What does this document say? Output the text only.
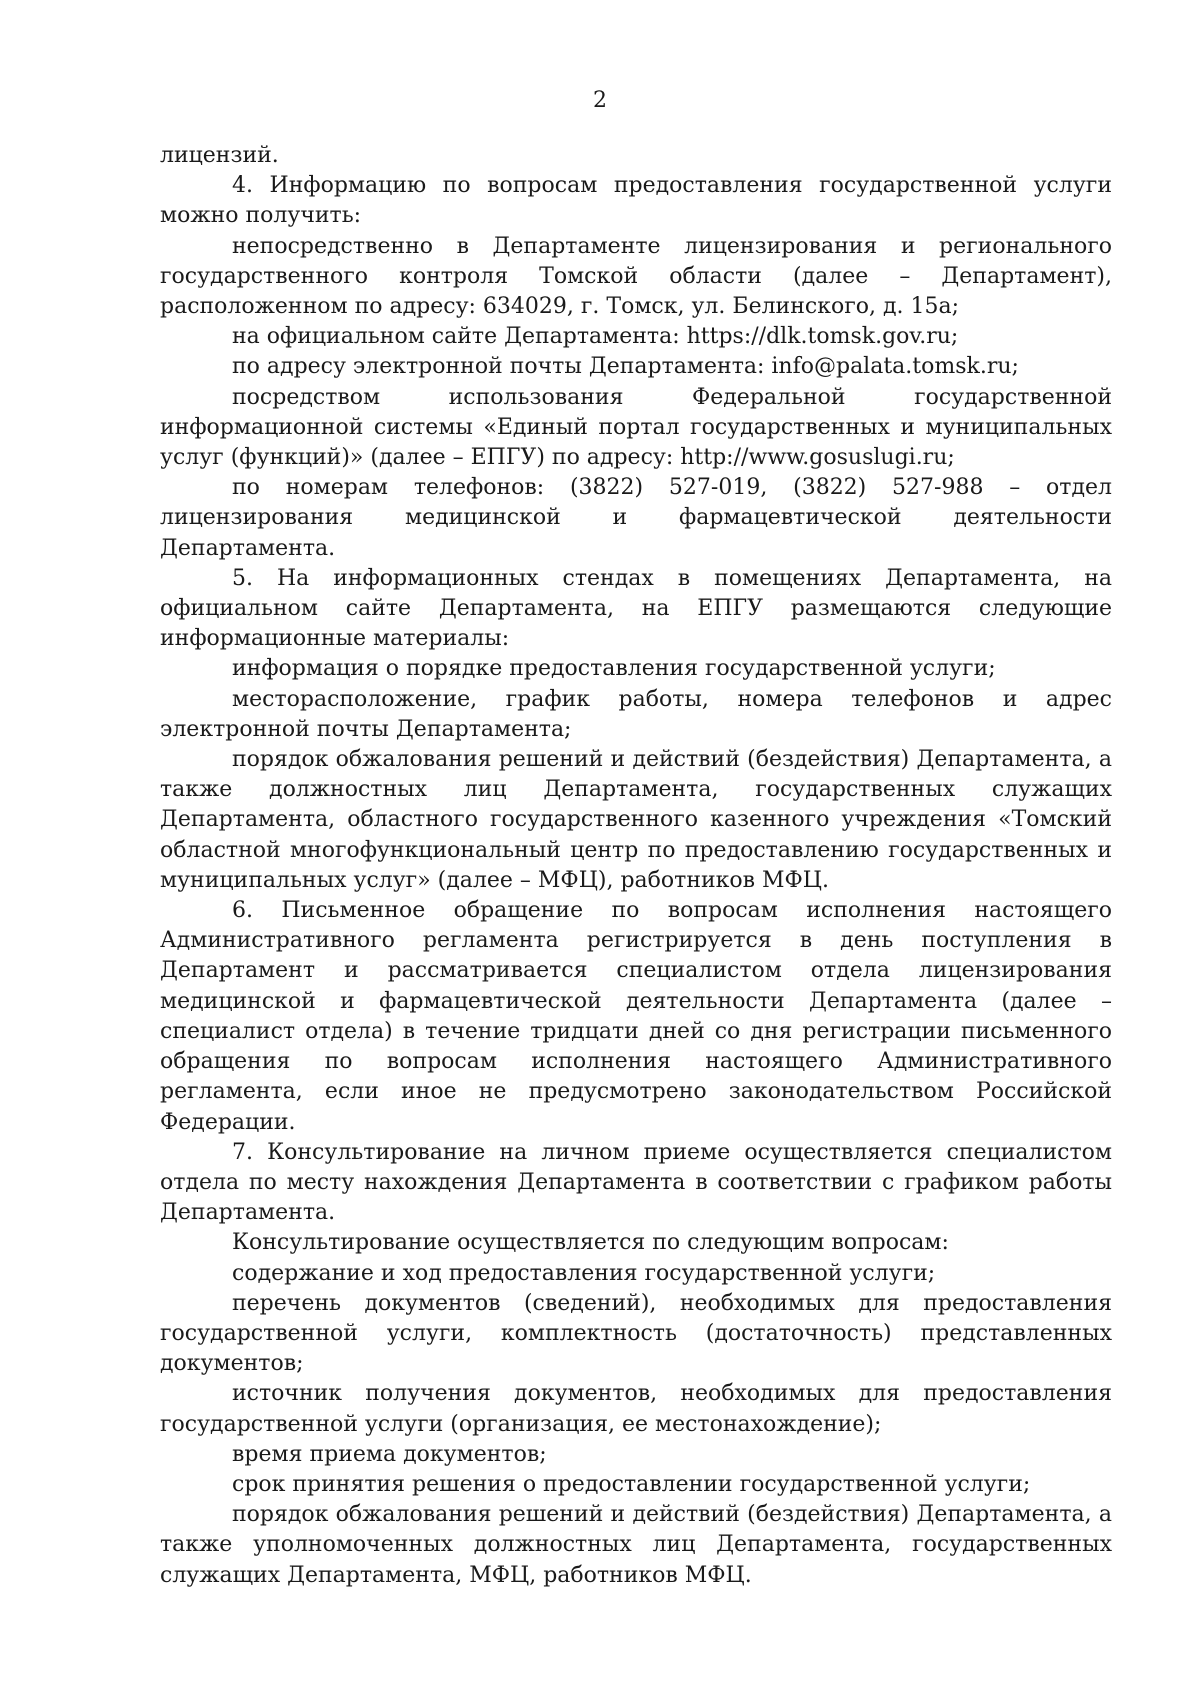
2

лицензий.

4. Информацию по вопросам предоставления государственной услуги можно получить:

непосредственно в Департаменте лицензирования и регионального государственного контроля Томской области (далее – Департамент), расположенном по адресу: 634029, г. Томск, ул. Белинского, д. 15а;

на официальном сайте Департамента: https://dlk.tomsk.gov.ru;

по адресу электронной почты Департамента: info@palata.tomsk.ru;

посредством использования Федеральной государственной информационной системы «Единый портал государственных и муниципальных услуг (функций)» (далее – ЕПГУ) по адресу: http://www.gosuslugi.ru;

по номерам телефонов: (3822) 527-019, (3822) 527-988 – отдел лицензирования медицинской и фармацевтической деятельности Департамента.

5. На информационных стендах в помещениях Департамента, на официальном сайте Департамента, на ЕПГУ размещаются следующие информационные материалы:

информация о порядке предоставления государственной услуги;

месторасположение, график работы, номера телефонов и адрес электронной почты Департамента;

порядок обжалования решений и действий (бездействия) Департамента, а также должностных лиц Департамента, государственных служащих Департамента, областного государственного казенного учреждения «Томский областной многофункциональный центр по предоставлению государственных и муниципальных услуг» (далее – МФЦ), работников МФЦ.

6. Письменное обращение по вопросам исполнения настоящего Административного регламента регистрируется в день поступления в Департамент и рассматривается специалистом отдела лицензирования медицинской и фармацевтической деятельности Департамента (далее – специалист отдела) в течение тридцати дней со дня регистрации письменного обращения по вопросам исполнения настоящего Административного регламента, если иное не предусмотрено законодательством Российской Федерации.

7. Консультирование на личном приеме осуществляется специалистом отдела по месту нахождения Департамента в соответствии с графиком работы Департамента.

Консультирование осуществляется по следующим вопросам:

содержание и ход предоставления государственной услуги;

перечень документов (сведений), необходимых для предоставления государственной услуги, комплектность (достаточность) представленных документов;

источник получения документов, необходимых для предоставления государственной услуги (организация, ее местонахождение);

время приема документов;

срок принятия решения о предоставлении государственной услуги;

порядок обжалования решений и действий (бездействия) Департамента, а также уполномоченных должностных лиц Департамента, государственных служащих Департамента, МФЦ, работников МФЦ.
